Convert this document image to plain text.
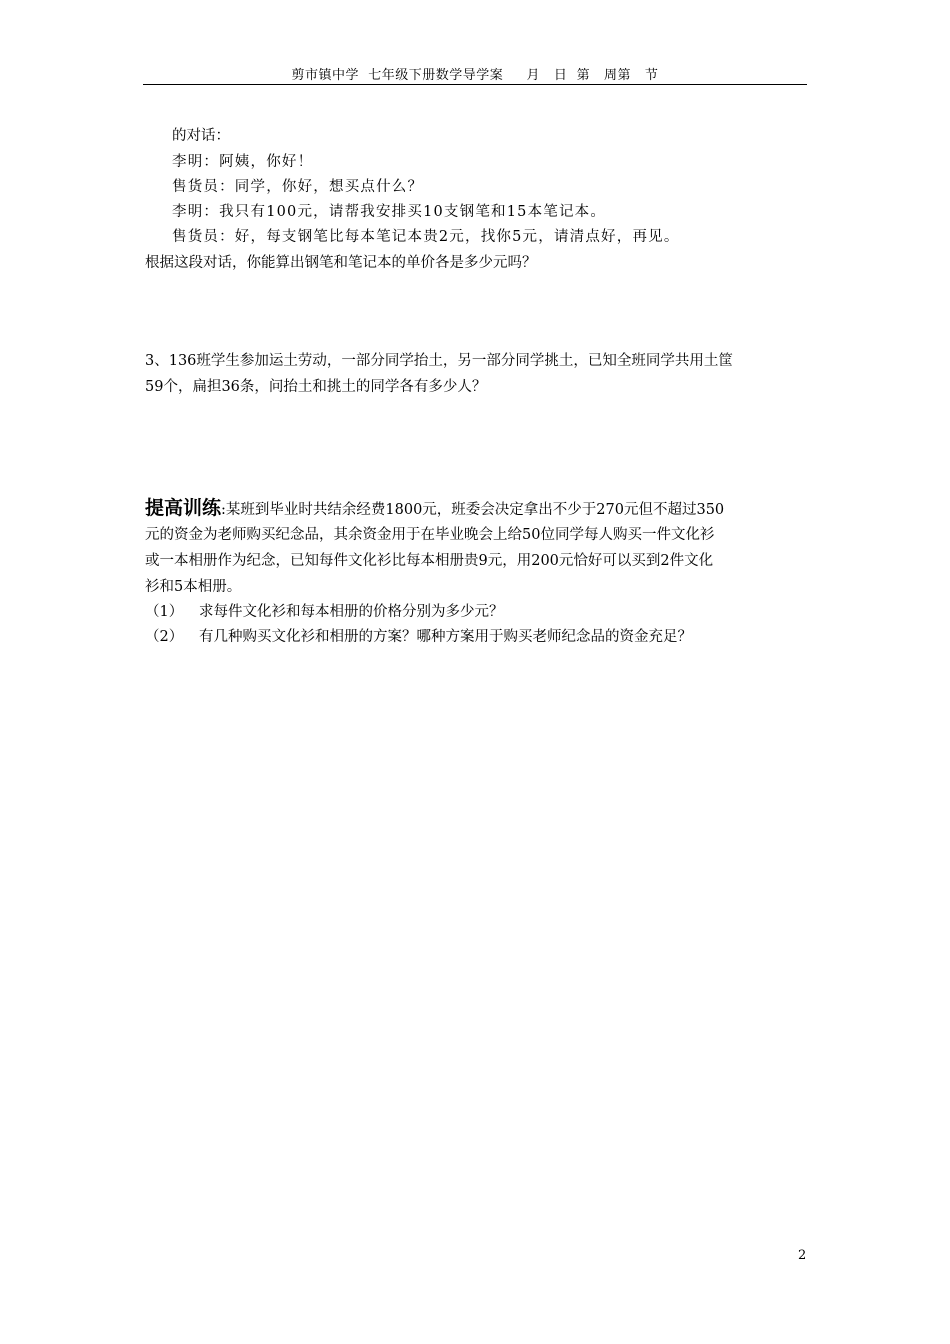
剪市镇中学  七年级下册数学导学案     月   日  第   周第   节
的对话：
李明：阿姨，你好！
售货员：同学，你好，想买点什么？
李明：我只有100元，请帮我安排买10支钢笔和15本笔记本。
售货员：好，每支钢笔比每本笔记本贵2元，找你5元，请清点好，再见。
根据这段对话，你能算出钢笔和笔记本的单价各是多少元吗？
3、136班学生参加运土劳动，一部分同学抬土，另一部分同学挑土，已知全班同学共用土筐
59个，扁担36条，问抬土和挑土的同学各有多少人？
提高训练:某班到毕业时共结余经费1800元，班委会决定拿出不少于270元但不超过350
元的资金为老师购买纪念品，其余资金用于在毕业晚会上给50位同学每人购买一件文化衫
或一本相册作为纪念，已知每件文化衫比每本相册贵9元，用200元恰好可以买到2件文化
衫和5本相册。
（1） 求每件文化衫和每本相册的价格分别为多少元？
（2） 有几种购买文化衫和相册的方案？哪种方案用于购买老师纪念品的资金充足？
2
